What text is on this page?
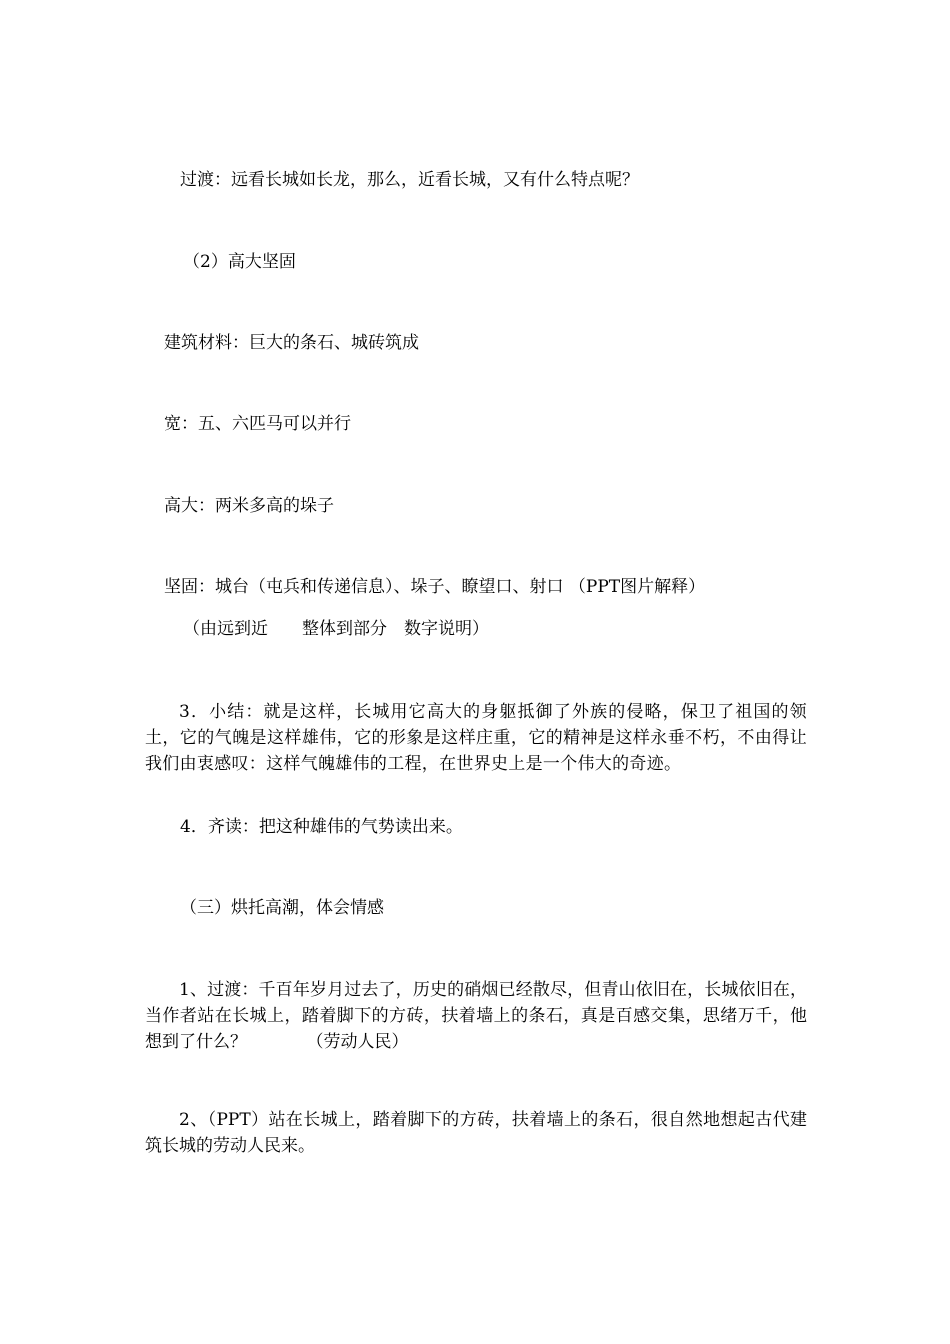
过渡：远看长城如长龙，那么，近看长城，又有什么特点呢？

（2）高大坚固

建筑材料：巨大的条石、城砖筑成

宽：五、六匹马可以并行

高大：两米多高的垛子

坚固：城台（屯兵和传递信息）、垛子、瞭望口、射口 （PPT图片解释）

（由远到近　　整体到部分　数字说明）

3．小结：就是这样，长城用它高大的身躯抵御了外族的侵略，保卫了祖国的领土，它的气魄是这样雄伟，它的形象是这样庄重，它的精神是这样永垂不朽，不由得让我们由衷感叹：这样气魄雄伟的工程，在世界史上是一个伟大的奇迹。

4．齐读：把这种雄伟的气势读出来。

（三）烘托高潮，体会情感

1、过渡：千百年岁月过去了，历史的硝烟已经散尽，但青山依旧在，长城依旧在，当作者站在长城上，踏着脚下的方砖，扶着墙上的条石，真是百感交集，思绪万千，他想到了什么？　　　　（劳动人民）

2、（PPT）站在长城上，踏着脚下的方砖，扶着墙上的条石，很自然地想起古代建筑长城的劳动人民来。
